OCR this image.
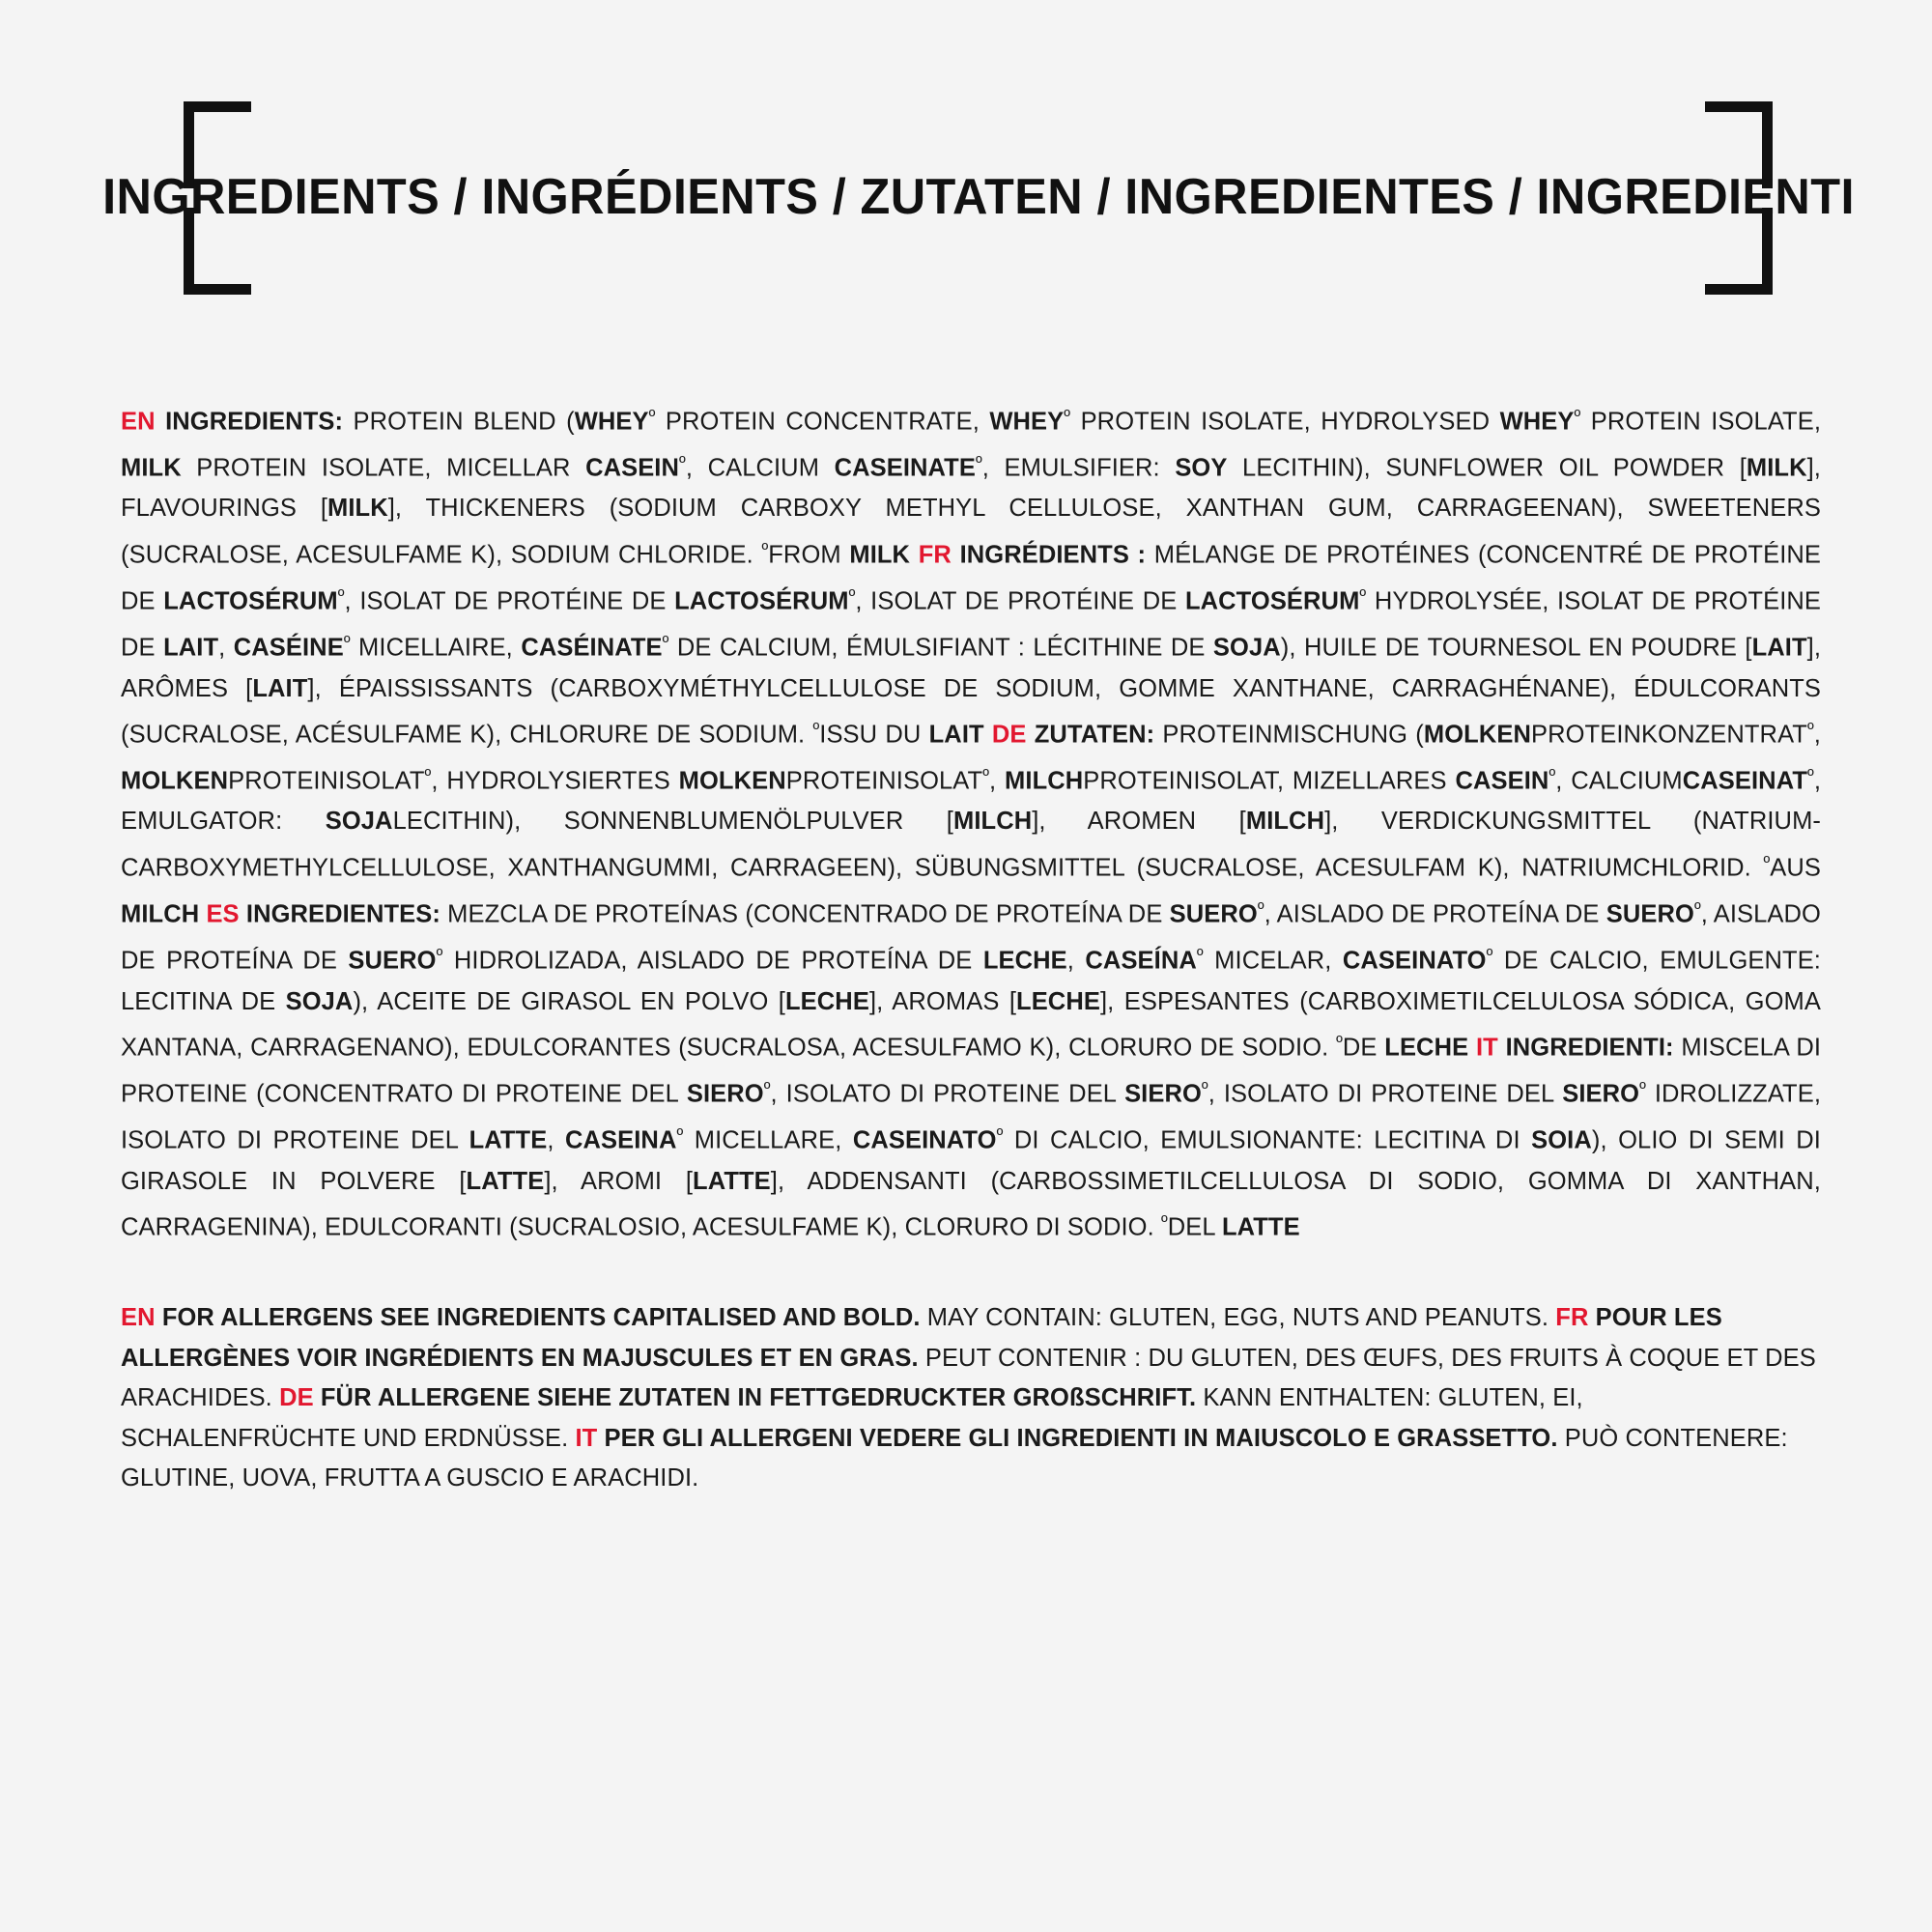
INGREDIENTS / INGRÉDIENTS / ZUTATEN / INGREDIENTES / INGREDIENTI

EN INGREDIENTS: PROTEIN BLEND ($WHEY^º$ PROTEIN CONCENTRATE, $WHEY^º$ PROTEIN ISOLATE, HYDROLYSED $WHEY^º$ PROTEIN ISOLATE, MILK PROTEIN ISOLATE, MICELLAR $CASEIN^º$, CALCIUM $CASEINATE^º$, EMULSIFIER: SOY LECITHIN), SUNFLOWER OIL POWDER [MILK], FLAVOURINGS [MILK], THICKENERS (SODIUM CARBOXY METHYL CELLULOSE, XANTHAN GUM, CARRAGEENAN), SWEETENERS (SUCRALOSE, ACESULFAME K), SODIUM CHLORIDE. $^º$FROM MILK FR INGRÉDIENTS : MÉLANGE DE PROTÉINES (CONCENTRÉ DE PROTÉINE DE $LACTOSÉRUM^º$, ISOLAT DE PROTÉINE DE $LACTOSÉRUM^º$, ISOLAT DE PROTÉINE DE $LACTOSÉRUM^º$ HYDROLYSÉE, ISOLAT DE PROTÉINE DE LAIT, $CASÉINE^º$ MICELLAIRE, $CASÉINATE^º$ DE CALCIUM, ÉMULSIFIANT : LÉCITHINE DE SOJA), HUILE DE TOURNESOL EN POUDRE [LAIT], ARÔMES [LAIT], ÉPAISSISSANTS (CARBOXYMÉTHYLCELLULOSE DE SODIUM, GOMME XANTHANE, CARRAGHÉNANE), ÉDULCORANTS (SUCRALOSE, ACÉSULFAME K), CHLORURE DE SODIUM. $^º$ISSU DU LAIT DE ZUTATEN: PROTEINMISCHUNG ($MOLKENPROTEINKONZENTRAT^º$, $MOLKENPROTEINISOLAT^º$, HYDROLYSIERTES $MOLKENPROTEINISOLAT^º$, MILCHPROTEINISOLAT, MIZELLARES $CASEIN^º$, $CALCIUMCASEINAT^º$, EMULGATOR: SOJALECITHIN), SONNENBLUMENÖLPULVER [MILCH], AROMEN [MILCH], VERDICKUNGSMITTEL (NATRIUM-CARBOXYMETHYLCELLULOSE, XANTHANGUMMI, CARRAGEEN), SÜBUNGSMITTEL (SUCRALOSE, ACESULFAM K), NATRIUMCHLORID. $^º$AUS MILCH ES INGREDIENTES: MEZCLA DE PROTEÍNAS (CONCENTRADO DE PROTEÍNA DE $SUERO^º$, AISLADO DE PROTEÍNA DE $SUERO^º$, AISLADO DE PROTEÍNA DE $SUERO^º$ HIDROLIZADA, AISLADO DE PROTEÍNA DE LECHE, $CASEÍNA^º$ MICELAR, $CASEINATO^º$ DE CALCIO, EMULGENTE: LECITINA DE SOJA), ACEITE DE GIRASOL EN POLVO [LECHE], AROMAS [LECHE], ESPESANTES (CARBOXIMETILCELULOSA SÓDICA, GOMA XANTANA, CARRAGENANO), EDULCORANTES (SUCRALOSA, ACESULFAMO K), CLORURO DE SODIO. $^º$DE LECHE IT INGREDIENTI: MISCELA DI PROTEINE (CONCENTRATO DI PROTEINE DEL $SIERO^º$, ISOLATO DI PROTEINE DEL $SIERO^º$, ISOLATO DI PROTEINE DEL $SIERO^º$ IDROLIZZATE, ISOLATO DI PROTEINE DEL LATTE, $CASEINA^º$ MICELLARE, $CASEINATO^º$ DI CALCIO, EMULSIONANTE: LECITINA DI SOIA), OLIO DI SEMI DI GIRASOLE IN POLVERE [LATTE], AROMI [LATTE], ADDENSANTI (CARBOSSIMETILCELLULOSA DI SODIO, GOMMA DI XANTHAN, CARRAGENINA), EDULCORANTI (SUCRALOSIO, ACESULFAME K), CLORURO DI SODIO. $^º$DEL LATTE

EN FOR ALLERGENS SEE INGREDIENTS CAPITALISED AND BOLD. MAY CONTAIN: GLUTEN, EGG, NUTS AND PEANUTS. FR POUR LES ALLERGÈNES VOIR INGRÉDIENTS EN MAJUSCULES ET EN GRAS. PEUT CONTENIR : DU GLUTEN, DES ŒUFS, DES FRUITS À COQUE ET DES ARACHIDES. DE FÜR ALLERGENE SIEHE ZUTATEN IN FETTGEDRUCKTER GROßSCHRIFT. KANN ENTHALTEN: GLUTEN, EI, SCHALENFRÜCHTE UND ERDNÜSSE. IT PER GLI ALLERGENI VEDERE GLI INGREDIENTI IN MAIUSCOLO E GRASSETTO. PUÒ CONTENERE: GLUTINE, UOVA, FRUTTA A GUSCIO E ARACHIDI.
